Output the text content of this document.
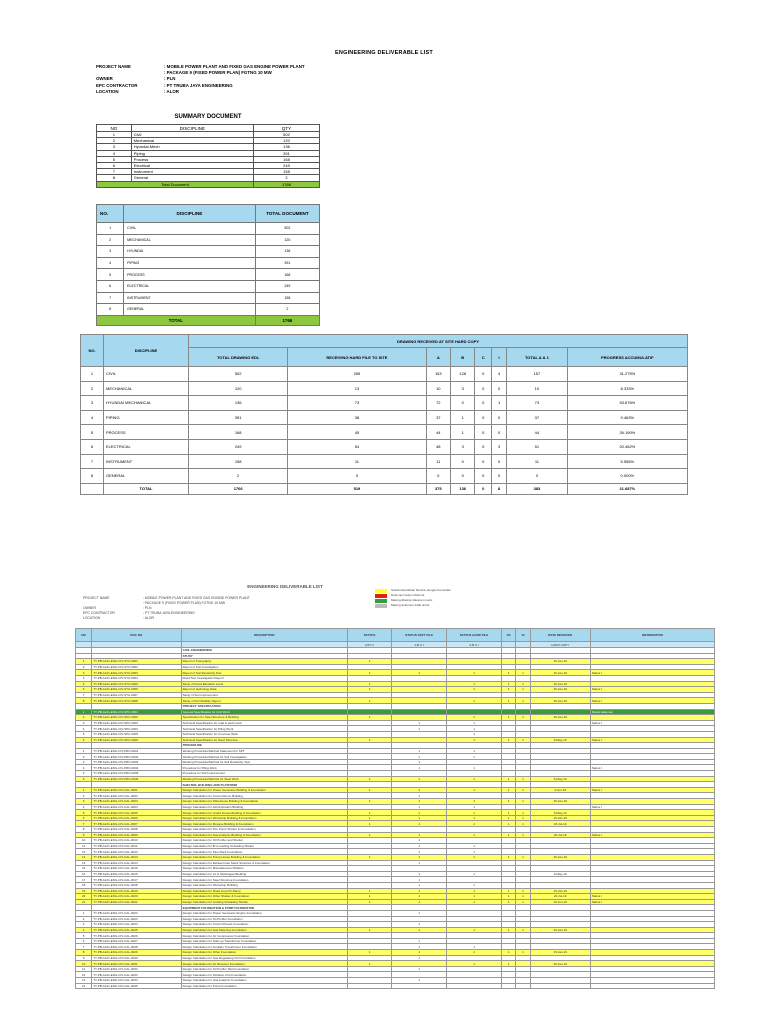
ENGINEERING DELIVERABLE LIST
PROJECT NAME	: MOBILE POWER PLANT AND FIXED GAS ENGINE POWER PLANT
: PACKAGE 9 (FIXED POWER PLAN) FGTNG 10 MW
OWNER	: PLN
EPC CONTRACTOR	: PT TRUBA JAYA ENGINEERING
LOCATION	: ALOR
SUMMARY DOCUMENT
NO	DISCIPLINE	QTY
1	Civil	502
2	Mechanical	120
3	Hyundai-Mech	136
4	Piping	391
5	Process	168
6	Electrical	249
7	Instrument	158
8	General	2
Total Document		1766
NO.	DISCIPLINE	TOTAL DOCUMENT
1	CIVIL	502
2	MECHANICAL	120
3	HYUNDAI	136
4	PIPING	391
5	PROCESS	168
6	ELECTRICAL	249
7	INSTRUMENT	158
8	GENERAL	2
TOTAL		1766
NO.	DISCIPLINE	DRAWING RECEIVED AT SITE HARD COPY							
		TOTAL DRAWING EDL	RECEIVING HARD FILE TO SITE	A	B	C	I	TOTAL A & 1	PROGRESS ACCUMULATIF
1	CIVIL	502	265	153	128	0	4	157	31.275%
2	MECHANICAL	120	13	10	3	0	0	10	8.333%
3	HYUNDAI MECHANICAL	136	73	72	0	0	1	73	53.676%
4	PIPING	391	38	37	1	0	0	37	9.463%
5	PROCESS	168	45	44	1	0	0	44	26.190%
6	ELECTRICAL	249	54	48	3	0	3	51	20.482%
7	INSTRUMENT	158	11	11	0	0	0	11	5.556%
8	GENERAL	2	0	0	0	0	0	0	0.000%
	TOTAL	1766	519	375	136	0	8	383	21.687%
ENGINEERING DELIVERABLE LIST
PROJECT NAME	: MOBILE POWER PLANT AND FIXED GAS ENGINE POWER PLANT
: PACKAGE 9 (FIXED POWER PLAN) FGTNG 10 MW
OWNER	: PLN
EPC CONTRACTOR	: PT TRUBA JAYA ENGINEERING
LOCATION	: ALOR
Sudah diserahkan Review dengan Konsultan
Dokumen belum diterima
Masing-Masing dokumen revisi
Masing dokumen tidak untuk
NO	DOC NO	DESCRIPTION	STATUS	STATUS SOFT FILE	STATUS HARD FILE	SC	SI	DATE RECEIVED	INFORMATION
			A B C I	A B C I	A B C I			HARD COPY	
		CIVIL ENGINEERING							
		STUDY							
1	TY-PB-AL01-ENG-CIV-STU-0001	Report of Topography	1					15-Jan-19	
2	TY-PB-AL01-ENG-CIV-STU-0002	Report of Soil Investigation							
3	TY-PB-AL01-ENG-CIV-STU-0003	Report of Soil Resistivity Test	1	1	1	1	1	15-Jan-19	Status I
4	TY-PB-AL01-ENG-CIV-STU-0004	Road Test Investigation Report							
5	TY-PB-AL01-ENG-CIV-STU-0005	Study of Flood Elevation Level	1		1	1	1	15-Jan-19	
6	TY-PB-AL01-ENG-CIV-STU-0006	Report of Hydrology Data	1		1	1	1	15-Jan-19	Status I
7	TY-PB-AL01-ENG-CIV-STU-0007	Study of Soil Improvement							
8	TY-PB-AL01-ENG-CIV-STU-0008	Study of Soil Stability Report	1		1	1	1	15-Jan-19	Status I
		PROJECT SPECIFICATION							
1	TY-PB-AL01-ENG-CIV-SPC-0001	General Specification for Civil Work							Revisi dokumen
2	TY-PB-AL01-ENG-CIV-SPC-0002	Specification for Steel Structure & Building	1		1	1	1	15-Jan-19	
3	TY-PB-AL01-ENG-CIV-SPC-0003	Technical Specification for road & earth work		1	1				Status I
4	TY-PB-AL01-ENG-CIV-SPC-0004	Technical Specification for Piling Work		1	1				
5	TY-PB-AL01-ENG-CIV-SPC-0005	Technical Specification for Concrete Work			1				
6	TY-PB-AL01-ENG-CIV-SPC-0006	Technical Specification for Steel Structure	1		1	1	1	6-May-19	Status I
		PROCEDURE							
1	TY-PB-AL01-ENG-CIV-PRO-0001	Working Procedure/Method Statement for SPT		1	1				
2	TY-PB-AL01-ENG-CIV-PRO-0002	Working Procedure/Method for Soil Investigation		1	1				
3	TY-PB-AL01-ENG-CIV-PRO-0003	Working Procedure/Method for Soil Resistivity Test		1					
4	TY-PB-AL01-ENG-CIV-PRO-0004	Procedure for Piling Work		1	1				Status I
5	TY-PB-AL01-ENG-CIV-PRO-0005	Procedure for Soil Improvement							
6	TY-PB-AL01-ENG-CIV-PRO-0006	Working Procedure/Method for Steel Work	1	1	1	1	1	6-May-19	
		SHELTER, BUILDING AND PLATFORM							
1	TY-PB-AL01-ENG-CIV-CAL-0001	Design Calculation for Power Generator Building & Foundation	1	1	1	1	1	4-Jun-19	Status I
2	TY-PB-AL01-ENG-CIV-CAL-0002	Design Calculation for Control Room Building		1					
3	TY-PB-AL01-ENG-CIV-CAL-0003	Design Calculation for Warehouse Building & Foundation	1	1	1	1	1	15-Jan-19	
4	TY-PB-AL01-ENG-CIV-CAL-0004	Design Calculation for Administration Building		1	1				Status I
5	TY-PB-AL01-ENG-CIV-CAL-0005	Design Calculation for Guard House Building & Foundation	1	1	1	1	1	6-May-19	
6	TY-PB-AL01-ENG-CIV-CAL-0006	Design Calculation for Workshop Building & Foundation	1	1	1	1	1	15-Jan-19	
7	TY-PB-AL01-ENG-CIV-CAL-0007	Design Calculation for Mosque Building & Foundation	1	1	1	1	1	20-Jul-19	
8	TY-PB-AL01-ENG-CIV-CAL-0008	Design Calculation for Fire Pump Shelter & Foundation							
9	TY-PB-AL01-ENG-CIV-CAL-0009	Design Calculation for Gas Analyzer Building & Foundation	1	1	1	1	1	20-Jul-19	Status I
10	TY-PB-AL01-ENG-CIV-CAL-0010	Design Calculation for Oil Purifier and Shelter		1					
11	TY-PB-AL01-ENG-CIV-CAL-0011	Design Calculation for B.H Loading Unloading Shelter		1	1				
12	TY-PB-AL01-ENG-CIV-CAL-0012	Design Calculation for Pipe Rack Foundation		1	1				
13	TY-PB-AL01-ENG-CIV-CAL-0013	Design Calculation for Pump House Building & Foundation	1	1	1	1	1	15-Jan-19	
14	TY-PB-AL01-ENG-CIV-CAL-0014	Design Calculation for Exhaust Gas Stack Structure & Foundation		1					
15	TY-PB-AL01-ENG-CIV-CAL-0015	Design Calculation for Miscellaneous Platform							
16	TY-PB-AL01-ENG-CIV-CAL-0016	Design Calculation for LV & Switchgear Building		1	1			6-May-19	
17	TY-PB-AL01-ENG-CIV-CAL-0017	Design Calculation for Steel Structure Foundation		1					
18	TY-PB-AL01-ENG-CIV-CAL-0018	Design Calculation for Workshop Building		1	1				
19	TY-PB-AL01-ENG-CIV-CAL-0019	Design Calculation for Road Loop Pit Ramp	1	1	1	1	1	15-Jan-19	
20	TY-PB-AL01-ENG-CIV-CAL-0020	Design Calculation for Other Shelter & Foundation	1	1	1	1	1	20-Jul-19	Status I
21	TY-PB-AL01-ENG-CIV-CAL-0021	Design Calculation for Loading Unloading Shelter	1	1	1	1	1	15-Jun-19	Status I
		EQUIPMENT FOUNDATION & PUMP FOUNDATION							
1	TY-PB-AL01-ENG-CIV-CAL-0022	Design Calculation for Power Generator Engine Foundation		1					
2	TY-PB-AL01-ENG-CIV-CAL-0023	Design Calculation for Oil Purifier Foundation							
3	TY-PB-AL01-ENG-CIV-CAL-0024	Design Calculation for Control Panels Foundation		1					
4	TY-PB-AL01-ENG-CIV-CAL-0025	Design Calculation for Gas Metering Foundation	1	1	1	1	1	15-Jan-19	
5	TY-PB-AL01-ENG-CIV-CAL-0026	Design Calculation for Air Compressor Foundation							
6	TY-PB-AL01-ENG-CIV-CAL-0027	Design Calculation for Start-up Transformer Foundation		1					
7	TY-PB-AL01-ENG-CIV-CAL-0028	Design Calculation for Auxiliary Transformer Foundation		1	1				
8	TY-PB-AL01-ENG-CIV-CAL-0029	Design Calculation for Other Foundation	1	1	1	1	1	15-Jan-19	
9	TY-PB-AL01-ENG-CIV-CAL-0030	Design Calculation for Gas Regulating Unit Foundation		1					
10	TY-PB-AL01-ENG-CIV-CAL-0031	Design Calculation for Air Receiver Foundation	1		1	1		15-Jan-19	
11	TY-PB-AL01-ENG-CIV-CAL-0032	Design Calculation for Oil Purifier Skid Foundation		1					
12	TY-PB-AL01-ENG-CIV-CAL-0033	Design Calculation for Filtration Unit Foundation							
13	TY-PB-AL01-ENG-CIV-CAL-0034	Design Calculation for Gas Analyzer Foundation		1					
14	TY-PB-AL01-ENG-CIV-CAL-0035	Design Calculation for Pump Foundation							
